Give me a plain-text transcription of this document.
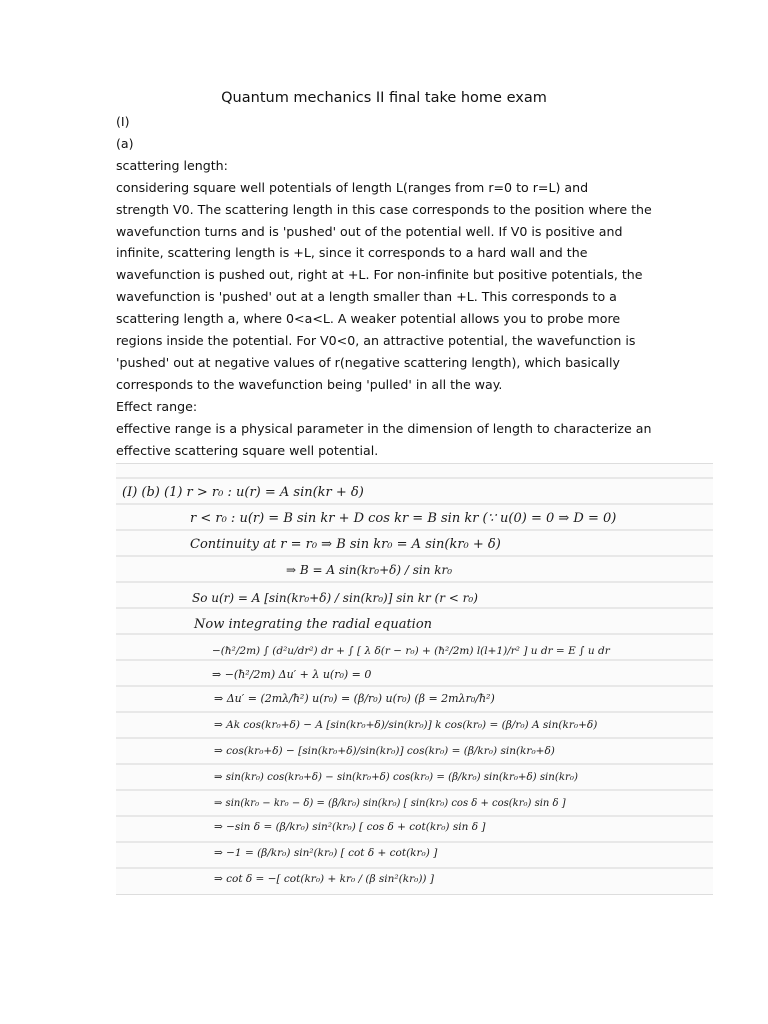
Quantum mechanics II final take home exam
(I)
(a)
scattering length:
considering square well potentials of length L(ranges from r=0 to r=L) and
strength V0. The scattering length in this case corresponds to the position where the
wavefunction turns and is 'pushed' out of the potential well. If V0 is positive and
infinite, scattering length is +L, since it corresponds to a hard wall and the
wavefunction is pushed out, right at +L. For non-infinite but positive potentials, the
wavefunction is 'pushed' out at a length smaller than +L. This corresponds to a
scattering length a, where 0<a<L. A weaker potential allows you to probe more
regions inside the potential. For V0<0, an attractive potential, the wavefunction is
'pushed' out at negative values of r(negative scattering length), which basically
corresponds to the wavefunction being 'pulled' in all the way.
Effect range:
effective range is a physical parameter in the dimension of length to characterize an
effective scattering square well potential.
(I) (b) (1) r > r₀ : u(r) = A sin(kr + δ)
r < r₀ : u(r) = B sin kr + D cos kr = B sin kr (∵ u(0) = 0 ⇒ D = 0)
Continuity at r = r₀ ⇒ B sin kr₀ = A sin(kr₀ + δ)
⇒ B = A sin(kr₀+δ) / sin kr₀
So u(r) = A [sin(kr₀+δ) / sin(kr₀)] sin kr (r < r₀)
Now integrating the radial equation
−(ħ²/2m) ∫ (d²u/dr²) dr + ∫ [ λ δ(r − r₀) + (ħ²/2m) l(l+1)/r² ] u dr = E ∫ u dr
⇒ −(ħ²/2m) Δu′ + λ u(r₀) = 0
⇒ Δu′ = (2mλ/ħ²) u(r₀) = (β/r₀) u(r₀) (β = 2mλr₀/ħ²)
⇒ Ak cos(kr₀+δ) − A [sin(kr₀+δ)/sin(kr₀)] k cos(kr₀) = (β/r₀) A sin(kr₀+δ)
⇒ cos(kr₀+δ) − [sin(kr₀+δ)/sin(kr₀)] cos(kr₀) = (β/kr₀) sin(kr₀+δ)
⇒ sin(kr₀) cos(kr₀+δ) − sin(kr₀+δ) cos(kr₀) = (β/kr₀) sin(kr₀+δ) sin(kr₀)
⇒ sin(kr₀ − kr₀ − δ) = (β/kr₀) sin(kr₀) [ sin(kr₀) cos δ + cos(kr₀) sin δ ]
⇒ −sin δ = (β/kr₀) sin²(kr₀) [ cos δ + cot(kr₀) sin δ ]
⇒ −1 = (β/kr₀) sin²(kr₀) [ cot δ + cot(kr₀) ]
⇒ cot δ = −[ cot(kr₀) + kr₀ / (β sin²(kr₀)) ]
